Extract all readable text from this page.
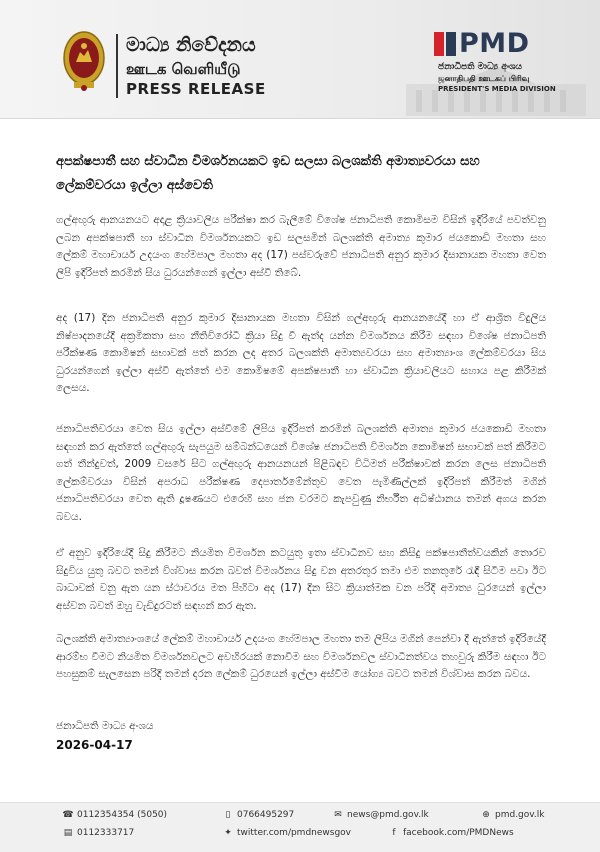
මාධ්‍ය නිවේදනය
ஊடக வெளியீடு
PRESS RELEASE
PMD
ජනාධිපති මාධ්‍ය අංශය
ஜனாதிபதி ஊடகப் பிரிவு
PRESIDENT'S MEDIA DIVISION
අපක්ෂපාතී සහ ස්වාධීන විමර්ශනයකට ඉඩ සලසා බලශක්ති අමාත්‍යවරයා සහ ලේකම්වරයා ඉල්ලා අස්වෙති
ගල්අඟුරු ආනයනයට අදාළ ක්‍රියාවලිය පරීක්ෂා කර බැලීමේ විශේෂ ජනාධිපති කොමිසම විසින් ඉදිරියේ පවත්වනු ලබන අපක්ෂපාතී හා ස්වාධීන විමර්ශනයකට ඉඩ සලසමින් බලශක්ති අමාත්‍ය කුමාර ජයකොඩි මහතා සහ ලේකම් මහාචාර්ය උදයංග හේමපාල මහතා අද (17) පස්වරුවේ ජනාධිපති අනුර කුමාර දිසානායක මහතා වෙත ලිපි ඉදිරිපත් කරමින් සිය ධුරයන්ගෙන් ඉල්ලා අස්වී තිබේ.
අද (17) දින ජනාධිපති අනුර කුමාර දිසානායක මහතා විසින් ගල්අඟුරු ආනයනයේදී හා ඒ ආශ්‍රිත විදුලිය නිෂ්පාදනයේදී අක්‍රමිකතා සහ නීතිවිරෝධී ක්‍රියා සිදු වී ඇත්ද යන්න විමර්ශනය කිරීම සඳහා විශේෂ ජනාධිපති පරීක්ෂණ කොමිෂන් සභාවක් පත් කරන ලද අතර බලශක්ති අමාත්‍යවරයා සහ අමාත්‍යාංශ ලේකම්වරයා සිය ධුරයන්ගෙන් ඉල්ලා අස්වී ඇත්තේ එම කොමිෂමේ අපක්ෂපාතී හා ස්වාධීන ක්‍රියාවලියට සහාය පළ කිරීමක් ලෙසය.
ජනාධිපතිවරයා වෙත සිය ඉල්ලා අස්වීමේ ලිපිය ඉදිරිපත් කරමින් බලශක්ති අමාත්‍ය කුමාර ජයකොඩි මහතා සඳහන් කර ඇත්තේ ගල්අඟුරු සැපයුම සම්බන්ධයෙන් විශේෂ ජනාධිපති විමර්ශන කොමිෂන් සභාවක් පත් කිරීමට ගත් තීන්දුවත්, 2009 වසරේ සිට ගල්අඟුරු ආනයනයන් පිළිබඳව විධිමත් පරීක්ෂාවක් කරන ලෙස ජනාධිපති ලේකම්වරයා විසින් අපරාධ පරීක්ෂණ දෙපාර්තමේන්තුව වෙත පැමිණිල්ලක් ඉදිරිපත් කිරීමත් මගින් ජනාධිපතිවරයා වෙත ඇති දූෂණයට එරෙහි සහ ජන වරමට කැපවුණු නිර්භීත අධිෂ්ඨානය තමන් අගය කරන බවය.
ඒ අනුව ඉදිරියේදී සිදු කිරීමට නියමිත විමර්ශන කටයුතු ඉතා ස්වාධීනව සහ කිසිදු පක්ෂපාතීත්වයකින් තොරව සිදුවිය යුතු බවට තමන් විශ්වාස කරන බවත් විමර්ශනය සිදු වන අතරතුර තමා එම තනතුරේ රැඳී සිටීම පවා ඊට බාධාවක් වනු ඇත යන ස්ථාවරය මත පිහිටා අද (17) දින සිට ක්‍රියාත්මක වන පරිදි අමාත්‍ය ධුරයෙන් ඉල්ලා අස්වන බවත් ඔහු වැඩිදුරටත් සඳහන් කර ඇත.
බලශක්ති අමාත්‍යාංශයේ ලේකම් මහාචාර්ය උදයංග හේමපාල මහතා තම ලිපිය මගින් පෙන්වා දී ඇත්තේ ඉදිරියේදී ආරම්භ වීමට නියමිත විමර්ශනවලට අවහිරයක් නොවීම සහ විමර්ශනවල ස්වාධීනත්වය තහවුරු කිරීම සඳහා ඊට පහසුකම් සැලසෙන පරිදි තමන් දරන ලේකම් ධුරයෙන් ඉල්ලා අස්වීම යෝග්‍ය බවට තමන් විශ්වාස කරන බවය.
ජනාධිපති මාධ්‍ය අංශය
2026-04-17
☎ 0112354354 (5050)	▯ 0766495297	✉ news@pmd.gov.lk	⊕ pmd.gov.lk
▤ 0112333717	✦ twitter.com/pmdnewsgov	f facebook.com/PMDNews
